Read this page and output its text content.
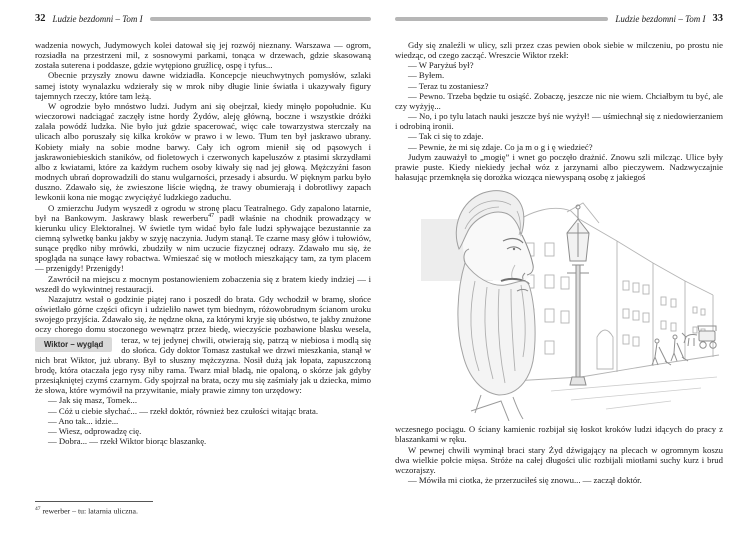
32 Ludzie bezdomni – Tom I

wadzenia nowych, Judymowych kolei datował się jej rozwój nieznany. Warszawa — ogrom, rozsiadła na przestrzeni mil, z sosnowymi parkami, tonąca w drzewach, gdzie skasowaną została suterena i poddasze, gdzie wytępiono gruźlicę, ospę i tyfus...

Obecnie przyszły znowu dawne widziadła. Koncepcje nieuchwytnych pomysłów, szlaki samej istoty wynalazku wdzierały się w mrok niby długie linie światła i ukazywały figury tajemnych rzeczy, które tam leżą.

W ogrodzie było mnóstwo ludzi. Judym ani się obejrzał, kiedy minęło popołudnie. Ku wieczorowi nadciągać zaczęły istne hordy Żydów, aleję główną, boczne i wszystkie dróżki zalała powódź ludzka. Nie było już gdzie spacerować, więc całe towarzystwa sterczały na ulicach albo poruszały się kilka kroków w prawo i w lewo. Tłum ten był jaskrawo ubrany. Kobiety miały na sobie modne barwy. Cały ich ogrom mienił się od pąsowych i jaskrawoniebieskich staników, od fioletowych i czerwonych kapeluszów z ptasimi skrzydłami albo z kwiatami, które za każdym ruchem osoby kiwały się nad jej głową. Mężczyźni fason modnych ubrań doprowadzili do stanu wulgarności, przesady i absurdu. W pięknym parku było duszno. Zdawało się, że zwieszone liście więdną, że trawy obumierają i dobrotliwy zapach lewkonii kona nie mogąc zwyciężyć ludzkiego zaduchu.

O zmierzchu Judym wyszedł z ogrodu w stronę placu Teatralnego. Gdy zapalono latarnie, był na Bankowym. Jaskrawy blask rewerberu$^{47}$ padł właśnie na chodnik prowadzący w kierunku ulicy Elektoralnej. W świetle tym widać było fale ludzi spływające bezustannie za ciemną sylwetkę banku jakby w szyję naczynia. Judym stanął. Te czarne masy głów i tułowiów, sunące prędko niby mrówki, zbudziły w nim uczucie fizycznej odrazy. Zdawało mu się, że spogląda na sunące ławy robactwa. Wmieszać się w motłoch mieszkający tam, za tym placem — przenigdy! Przenigdy!

Zawrócił na miejscu z mocnym postanowieniem zobaczenia się z bratem kiedy indziej — i wszedł do wykwintnej restauracji.

Nazajutrz wstał o godzinie piątej rano i poszedł do brata. Gdy wchodził w bramę, słońce oświetlało górne części oficyn i udzieliło nawet tym biednym, różowobrudnym ścianom uroku swojego przyjścia. Zdawało się, że nędzne okna, za którymi kryje się ubóstwo, te jakby znużone oczy chorego domu stoczonego wewnątrz przez biedę, wieczyście pozbawione blasku wesela, teraz, w tej jedynej chwili, otwierają się, patrzą
Wiktor – wygląd	w niebiosa i modlą się do słońca. Gdy doktor Tomasz zastukał we drzwi mieszkania, stanął w nich brat Wiktor, już ubrany. Był to słuszny mężczyzna. Nosił dużą jak łopata, zapuszczoną brodę, która otaczała jego rysy niby rama. Twarz miał bladą, nie opaloną, o skórze jak gdyby przesiąkniętej czymś czarnym. Gdy spojrzał na brata, oczy mu się zaśmiały jak u dziecka, mimo że słowa, które wymówił na przywitanie, miały prawie zimny ton urzędowy:

— Jak się masz, Tomek...

— Cóż u ciebie słychać... — rzekł doktór, również bez czułości witając brata.

— Ano tak... idzie...

— Wiesz, odprowadzę cię.

— Dobra... — rzekł Wiktor biorąc blaszankę.

$^{47}$ rewerber – tu: latarnia uliczna.
Ludzie bezdomni – Tom I 33

Gdy się znaleźli w ulicy, szli przez czas pewien obok siebie w milczeniu, po prostu nie wiedząc, od czego zacząć. Wreszcie Wiktor rzekł:

— W Paryżuś był?

— Byłem.

— Teraz tu zostaniesz?

— Pewno. Trzeba będzie tu osiąść. Zobaczę, jeszcze nic nie wiem. Chciałbym tu być, ale czy wyżyję...

— No, i po tylu latach nauki jeszcze byś nie wyżył! — uśmiechnął się z niedowierzaniem i odrobiną ironii.

— Tak ci się to zdaje.

— Pewnie, że mi się zdaje. Co ja m o g i ę wiedzieć?

Judym zauważył to „mogię” i wnet go poczęło drażnić. Znowu szli milcząc. Ulice były prawie puste. Kiedy niekiedy jechał wóz z jarzynami albo pieczywem. Nadzwyczajnie hałasując przemknęła się dorożka wioząca niewyspaną osobę z jakiegoś

wczesnego pociągu. O ściany kamienic rozbijał się łoskot kroków ludzi idących do pracy z blaszankami w ręku.

W pewnej chwili wyminął braci stary Żyd dźwigający na plecach w ogromnym koszu dwa wielkie połcie mięsa. Stróże na całej długości ulic rozbijali miotłami suchy kurz i brud wczorajszy.

— Mówiła mi ciotka, że przerzuciłeś się znowu... — zaczął doktór.
